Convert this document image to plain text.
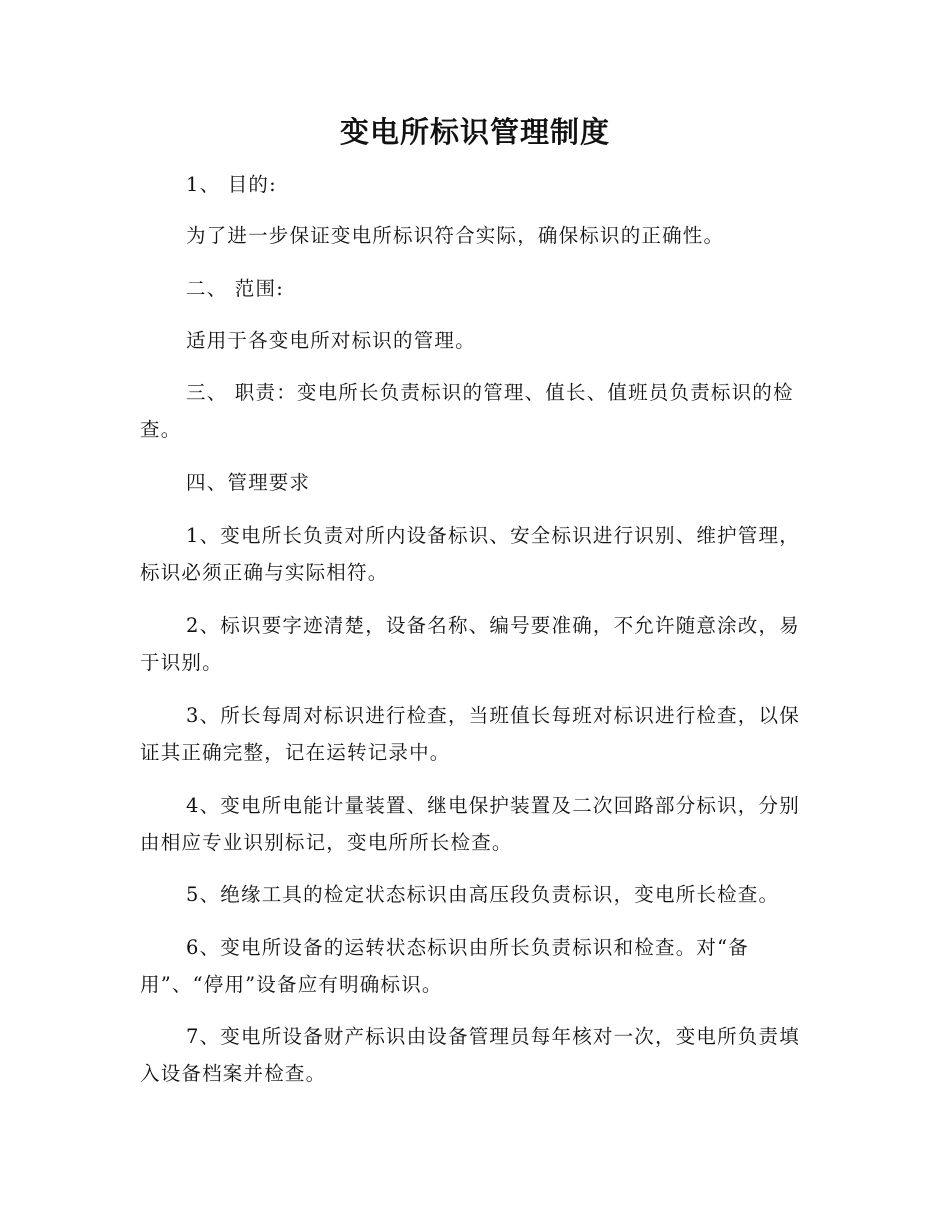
变电所标识管理制度

1、 目的:

为了进一步保证变电所标识符合实际，确保标识的正确性。

二、 范围:

适用于各变电所对标识的管理。

三、 职责：变电所长负责标识的管理、值长、值班员负责标识的检查。

四、管理要求

1、变电所长负责对所内设备标识、安全标识进行识别、维护管理，标识必须正确与实际相符。

2、标识要字迹清楚，设备名称、编号要准确，不允许随意涂改，易于识别。

3、所长每周对标识进行检查，当班值长每班对标识进行检查，以保证其正确完整，记在运转记录中。

4、变电所电能计量装置、继电保护装置及二次回路部分标识，分别由相应专业识别标记，变电所所长检查。

5、绝缘工具的检定状态标识由高压段负责标识，变电所长检查。

6、变电所设备的运转状态标识由所长负责标识和检查。对“备用”、“停用”设备应有明确标识。

7、变电所设备财产标识由设备管理员每年核对一次，变电所负责填入设备档案并检查。
